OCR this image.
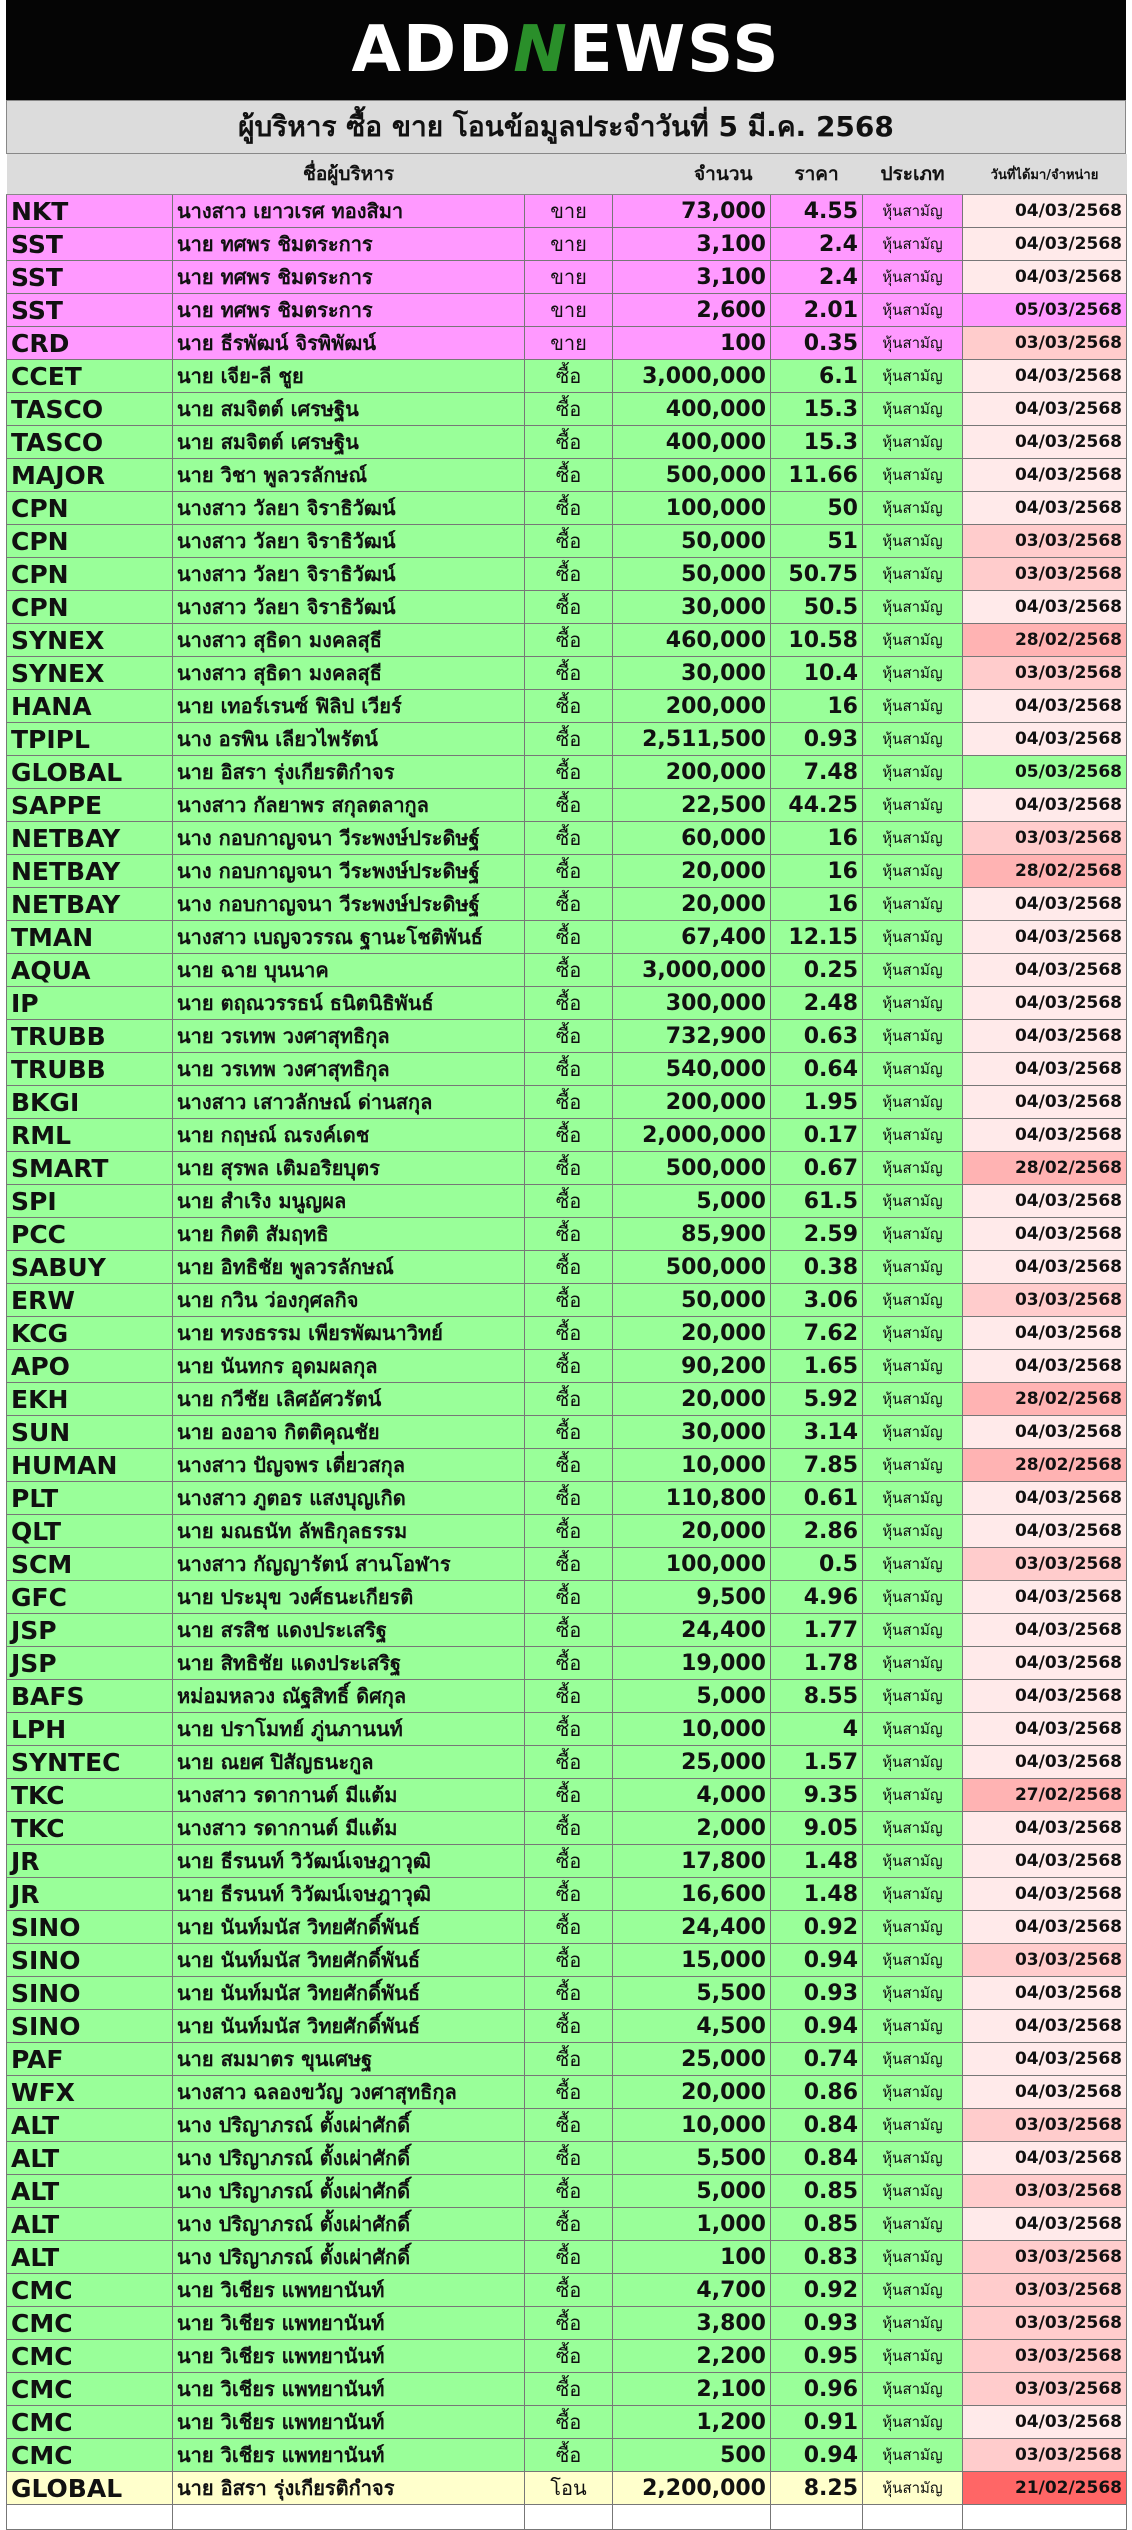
ADDNEWSS
ผู้บริหาร ซื้อ ขาย โอนข้อมูลประจำวันที่ 5 มี.ค. 2568
	ชื่อผู้บริหาร		จำนวน	ราคา	ประเภท	วันที่ได้มา/จำหน่าย
NKT	นางสาว เยาวเรศ ทองสิมา	ขาย	73,000	4.55	หุ้นสามัญ	04/03/2568
SST	นาย ทศพร ชิมตระการ	ขาย	3,100	2.4	หุ้นสามัญ	04/03/2568
SST	นาย ทศพร ชิมตระการ	ขาย	3,100	2.4	หุ้นสามัญ	04/03/2568
SST	นาย ทศพร ชิมตระการ	ขาย	2,600	2.01	หุ้นสามัญ	05/03/2568
CRD	นาย ธีรพัฒน์ จิรพิพัฒน์	ขาย	100	0.35	หุ้นสามัญ	03/03/2568
CCET	นาย เจีย-ลี ชูย	ซื้อ	3,000,000	6.1	หุ้นสามัญ	04/03/2568
TASCO	นาย สมจิตต์ เศรษฐิน	ซื้อ	400,000	15.3	หุ้นสามัญ	04/03/2568
TASCO	นาย สมจิตต์ เศรษฐิน	ซื้อ	400,000	15.3	หุ้นสามัญ	04/03/2568
MAJOR	นาย วิชา พูลวรลักษณ์	ซื้อ	500,000	11.66	หุ้นสามัญ	04/03/2568
CPN	นางสาว วัลยา จิราธิวัฒน์	ซื้อ	100,000	50	หุ้นสามัญ	04/03/2568
CPN	นางสาว วัลยา จิราธิวัฒน์	ซื้อ	50,000	51	หุ้นสามัญ	03/03/2568
CPN	นางสาว วัลยา จิราธิวัฒน์	ซื้อ	50,000	50.75	หุ้นสามัญ	03/03/2568
CPN	นางสาว วัลยา จิราธิวัฒน์	ซื้อ	30,000	50.5	หุ้นสามัญ	04/03/2568
SYNEX	นางสาว สุธิดา มงคลสุธี	ซื้อ	460,000	10.58	หุ้นสามัญ	28/02/2568
SYNEX	นางสาว สุธิดา มงคลสุธี	ซื้อ	30,000	10.4	หุ้นสามัญ	03/03/2568
HANA	นาย เทอร์เรนซ์ ฟิลิป เวียร์	ซื้อ	200,000	16	หุ้นสามัญ	04/03/2568
TPIPL	นาง อรพิน เลียวไพรัตน์	ซื้อ	2,511,500	0.93	หุ้นสามัญ	04/03/2568
GLOBAL	นาย อิสรา รุ่งเกียรติกำจร	ซื้อ	200,000	7.48	หุ้นสามัญ	05/03/2568
SAPPE	นางสาว กัลยาพร สกุลตลากูล	ซื้อ	22,500	44.25	หุ้นสามัญ	04/03/2568
NETBAY	นาง กอบกาญจนา วีระพงษ์ประดิษฐ์	ซื้อ	60,000	16	หุ้นสามัญ	03/03/2568
NETBAY	นาง กอบกาญจนา วีระพงษ์ประดิษฐ์	ซื้อ	20,000	16	หุ้นสามัญ	28/02/2568
NETBAY	นาง กอบกาญจนา วีระพงษ์ประดิษฐ์	ซื้อ	20,000	16	หุ้นสามัญ	04/03/2568
TMAN	นางสาว เบญจวรรณ ฐานะโชติพันธ์	ซื้อ	67,400	12.15	หุ้นสามัญ	04/03/2568
AQUA	นาย ฉาย บุนนาค	ซื้อ	3,000,000	0.25	หุ้นสามัญ	04/03/2568
IP	นาย ตฤณวรรธน์ ธนิตนิธิพันธ์	ซื้อ	300,000	2.48	หุ้นสามัญ	04/03/2568
TRUBB	นาย วรเทพ วงศาสุทธิกุล	ซื้อ	732,900	0.63	หุ้นสามัญ	04/03/2568
TRUBB	นาย วรเทพ วงศาสุทธิกุล	ซื้อ	540,000	0.64	หุ้นสามัญ	04/03/2568
BKGI	นางสาว เสาวลักษณ์ ด่านสกุล	ซื้อ	200,000	1.95	หุ้นสามัญ	04/03/2568
RML	นาย กฤษณ์ ณรงค์เดช	ซื้อ	2,000,000	0.17	หุ้นสามัญ	04/03/2568
SMART	นาย สุรพล เติมอริยบุตร	ซื้อ	500,000	0.67	หุ้นสามัญ	28/02/2568
SPI	นาย สำเริง มนูญผล	ซื้อ	5,000	61.5	หุ้นสามัญ	04/03/2568
PCC	นาย กิตติ สัมฤทธิ	ซื้อ	85,900	2.59	หุ้นสามัญ	04/03/2568
SABUY	นาย อิทธิชัย พูลวรลักษณ์	ซื้อ	500,000	0.38	หุ้นสามัญ	04/03/2568
ERW	นาย กวิน ว่องกุศลกิจ	ซื้อ	50,000	3.06	หุ้นสามัญ	03/03/2568
KCG	นาย ทรงธรรม เพียรพัฒนาวิทย์	ซื้อ	20,000	7.62	หุ้นสามัญ	04/03/2568
APO	นาย นันทกร อุดมผลกุล	ซื้อ	90,200	1.65	หุ้นสามัญ	04/03/2568
EKH	นาย กวีชัย เลิศอัศวรัตน์	ซื้อ	20,000	5.92	หุ้นสามัญ	28/02/2568
SUN	นาย องอาจ กิตติคุณชัย	ซื้อ	30,000	3.14	หุ้นสามัญ	04/03/2568
HUMAN	นางสาว ปัญจพร เตี่ยวสกุล	ซื้อ	10,000	7.85	หุ้นสามัญ	28/02/2568
PLT	นางสาว ภูตอร แสงบุญเกิด	ซื้อ	110,800	0.61	หุ้นสามัญ	04/03/2568
QLT	นาย มณธนัท ลัพธิกุลธรรม	ซื้อ	20,000	2.86	หุ้นสามัญ	04/03/2568
SCM	นางสาว กัญญารัตน์ สานโอฬาร	ซื้อ	100,000	0.5	หุ้นสามัญ	03/03/2568
GFC	นาย ประมุข วงศ์ธนะเกียรติ	ซื้อ	9,500	4.96	หุ้นสามัญ	04/03/2568
JSP	นาย สรสิช แดงประเสริฐ	ซื้อ	24,400	1.77	หุ้นสามัญ	04/03/2568
JSP	นาย สิทธิชัย แดงประเสริฐ	ซื้อ	19,000	1.78	หุ้นสามัญ	04/03/2568
BAFS	หม่อมหลวง ณัฐสิทธิ์ ดิศกุล	ซื้อ	5,000	8.55	หุ้นสามัญ	04/03/2568
LPH	นาย ปราโมทย์ ภู่นภานนท์	ซื้อ	10,000	4	หุ้นสามัญ	04/03/2568
SYNTEC	นาย ณยศ ปิสัญธนะกูล	ซื้อ	25,000	1.57	หุ้นสามัญ	04/03/2568
TKC	นางสาว รดากานต์ มีแต้ม	ซื้อ	4,000	9.35	หุ้นสามัญ	27/02/2568
TKC	นางสาว รดากานต์ มีแต้ม	ซื้อ	2,000	9.05	หุ้นสามัญ	04/03/2568
JR	นาย ธีรนนท์ วิวัฒน์เจษฎาวุฒิ	ซื้อ	17,800	1.48	หุ้นสามัญ	04/03/2568
JR	นาย ธีรนนท์ วิวัฒน์เจษฎาวุฒิ	ซื้อ	16,600	1.48	หุ้นสามัญ	04/03/2568
SINO	นาย นันท์มนัส วิทยศักดิ์พันธ์	ซื้อ	24,400	0.92	หุ้นสามัญ	04/03/2568
SINO	นาย นันท์มนัส วิทยศักดิ์พันธ์	ซื้อ	15,000	0.94	หุ้นสามัญ	03/03/2568
SINO	นาย นันท์มนัส วิทยศักดิ์พันธ์	ซื้อ	5,500	0.93	หุ้นสามัญ	04/03/2568
SINO	นาย นันท์มนัส วิทยศักดิ์พันธ์	ซื้อ	4,500	0.94	หุ้นสามัญ	04/03/2568
PAF	นาย สมมาตร ขุนเศษฐ	ซื้อ	25,000	0.74	หุ้นสามัญ	04/03/2568
WFX	นางสาว ฉลองขวัญ วงศาสุทธิกุล	ซื้อ	20,000	0.86	หุ้นสามัญ	04/03/2568
ALT	นาง ปริญาภรณ์ ตั้งเผ่าศักดิ์	ซื้อ	10,000	0.84	หุ้นสามัญ	03/03/2568
ALT	นาง ปริญาภรณ์ ตั้งเผ่าศักดิ์	ซื้อ	5,500	0.84	หุ้นสามัญ	04/03/2568
ALT	นาง ปริญาภรณ์ ตั้งเผ่าศักดิ์	ซื้อ	5,000	0.85	หุ้นสามัญ	03/03/2568
ALT	นาง ปริญาภรณ์ ตั้งเผ่าศักดิ์	ซื้อ	1,000	0.85	หุ้นสามัญ	04/03/2568
ALT	นาง ปริญาภรณ์ ตั้งเผ่าศักดิ์	ซื้อ	100	0.83	หุ้นสามัญ	03/03/2568
CMC	นาย วิเชียร แพทยานันท์	ซื้อ	4,700	0.92	หุ้นสามัญ	03/03/2568
CMC	นาย วิเชียร แพทยานันท์	ซื้อ	3,800	0.93	หุ้นสามัญ	03/03/2568
CMC	นาย วิเชียร แพทยานันท์	ซื้อ	2,200	0.95	หุ้นสามัญ	03/03/2568
CMC	นาย วิเชียร แพทยานันท์	ซื้อ	2,100	0.96	หุ้นสามัญ	03/03/2568
CMC	นาย วิเชียร แพทยานันท์	ซื้อ	1,200	0.91	หุ้นสามัญ	04/03/2568
CMC	นาย วิเชียร แพทยานันท์	ซื้อ	500	0.94	หุ้นสามัญ	03/03/2568
GLOBAL	นาย อิสรา รุ่งเกียรติกำจร	โอน	2,200,000	8.25	หุ้นสามัญ	21/02/2568
